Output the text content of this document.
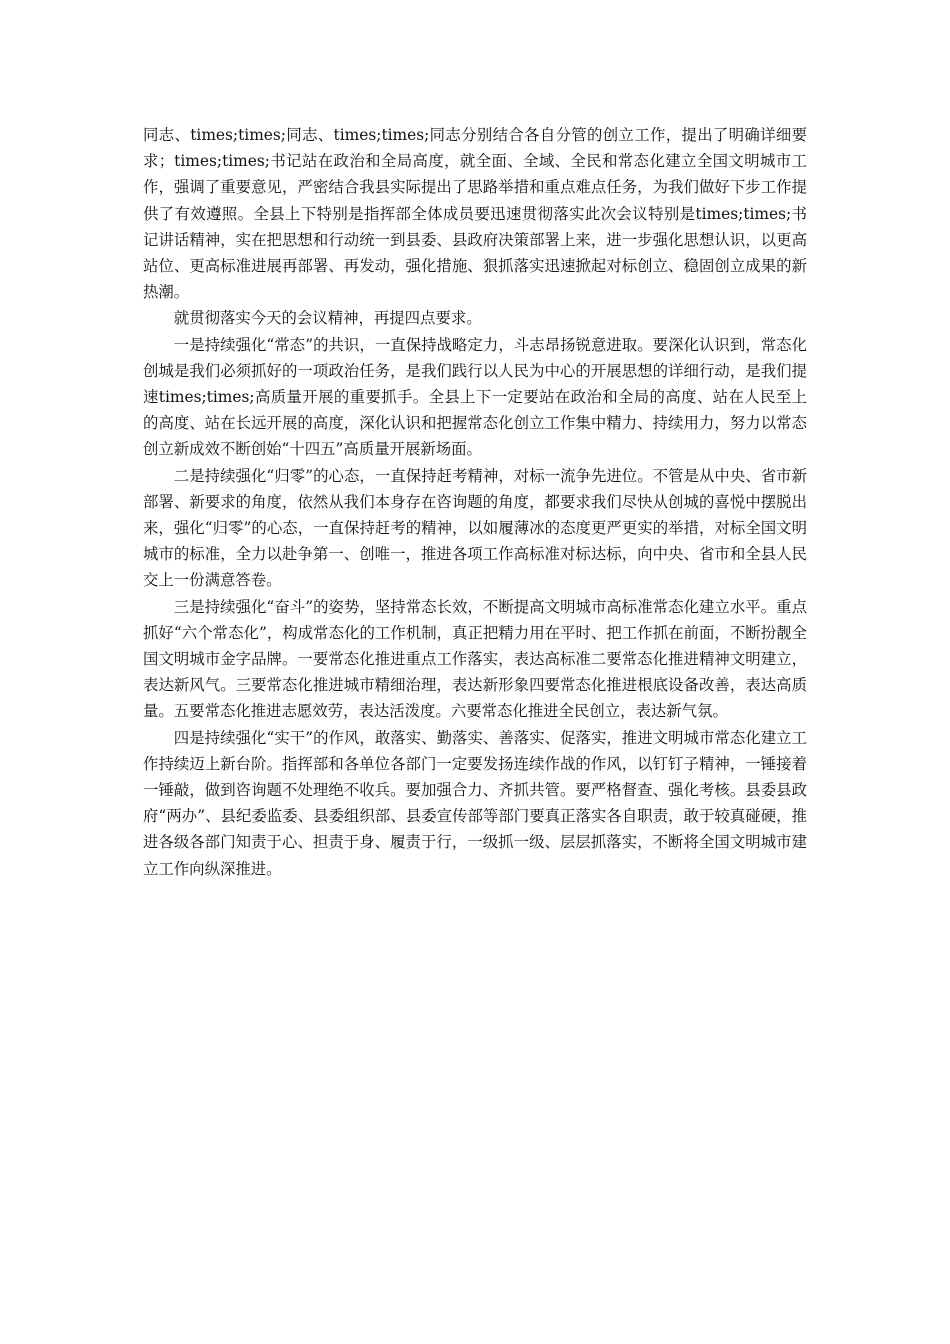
同志、times;times;同志、times;times;同志分别结合各自分管的创立工作，提出了明确详细要求；times;times;书记站在政治和全局高度，就全面、全域、全民和常态化建立全国文明城市工作，强调了重要意见，严密结合我县实际提出了思路举措和重点难点任务，为我们做好下步工作提供了有效遵照。全县上下特别是指挥部全体成员要迅速贯彻落实此次会议特别是times;times;书记讲话精神，实在把思想和行动统一到县委、县政府决策部署上来，进一步强化思想认识，以更高站位、更高标准进展再部署、再发动，强化措施、狠抓落实迅速掀起对标创立、稳固创立成果的新热潮。

就贯彻落实今天的会议精神，再提四点要求。

一是持续强化“常态”的共识，一直保持战略定力，斗志昂扬锐意进取。要深化认识到，常态化创城是我们必须抓好的一项政治任务，是我们践行以人民为中心的开展思想的详细行动，是我们提速times;times;高质量开展的重要抓手。全县上下一定要站在政治和全局的高度、站在人民至上的高度、站在长远开展的高度，深化认识和把握常态化创立工作集中精力、持续用力，努力以常态创立新成效不断创始“十四五”高质量开展新场面。

二是持续强化“归零”的心态，一直保持赶考精神，对标一流争先进位。不管是从中央、省市新部署、新要求的角度，依然从我们本身存在咨询题的角度，都要求我们尽快从创城的喜悦中摆脱出来，强化“归零”的心态，一直保持赶考的精神，以如履薄冰的态度更严更实的举措，对标全国文明城市的标准，全力以赴争第一、创唯一，推进各项工作高标准对标达标，向中央、省市和全县人民交上一份满意答卷。

三是持续强化“奋斗”的姿势，坚持常态长效，不断提高文明城市高标准常态化建立水平。重点抓好“六个常态化”，构成常态化的工作机制，真正把精力用在平时、把工作抓在前面，不断扮靓全国文明城市金字品牌。一要常态化推进重点工作落实，表达高标准二要常态化推进精神文明建立，表达新风气。三要常态化推进城市精细治理，表达新形象四要常态化推进根底设备改善，表达高质量。五要常态化推进志愿效劳，表达活泼度。六要常态化推进全民创立，表达新气氛。

四是持续强化“实干”的作风，敢落实、勤落实、善落实、促落实，推进文明城市常态化建立工作持续迈上新台阶。指挥部和各单位各部门一定要发扬连续作战的作风，以钉钉子精神，一锤接着一锤敲，做到咨询题不处理绝不收兵。要加强合力、齐抓共管。要严格督查、强化考核。县委县政府“两办”、县纪委监委、县委组织部、县委宣传部等部门要真正落实各自职责，敢于较真碰硬，推进各级各部门知责于心、担责于身、履责于行，一级抓一级、层层抓落实，不断将全国文明城市建立工作向纵深推进。
